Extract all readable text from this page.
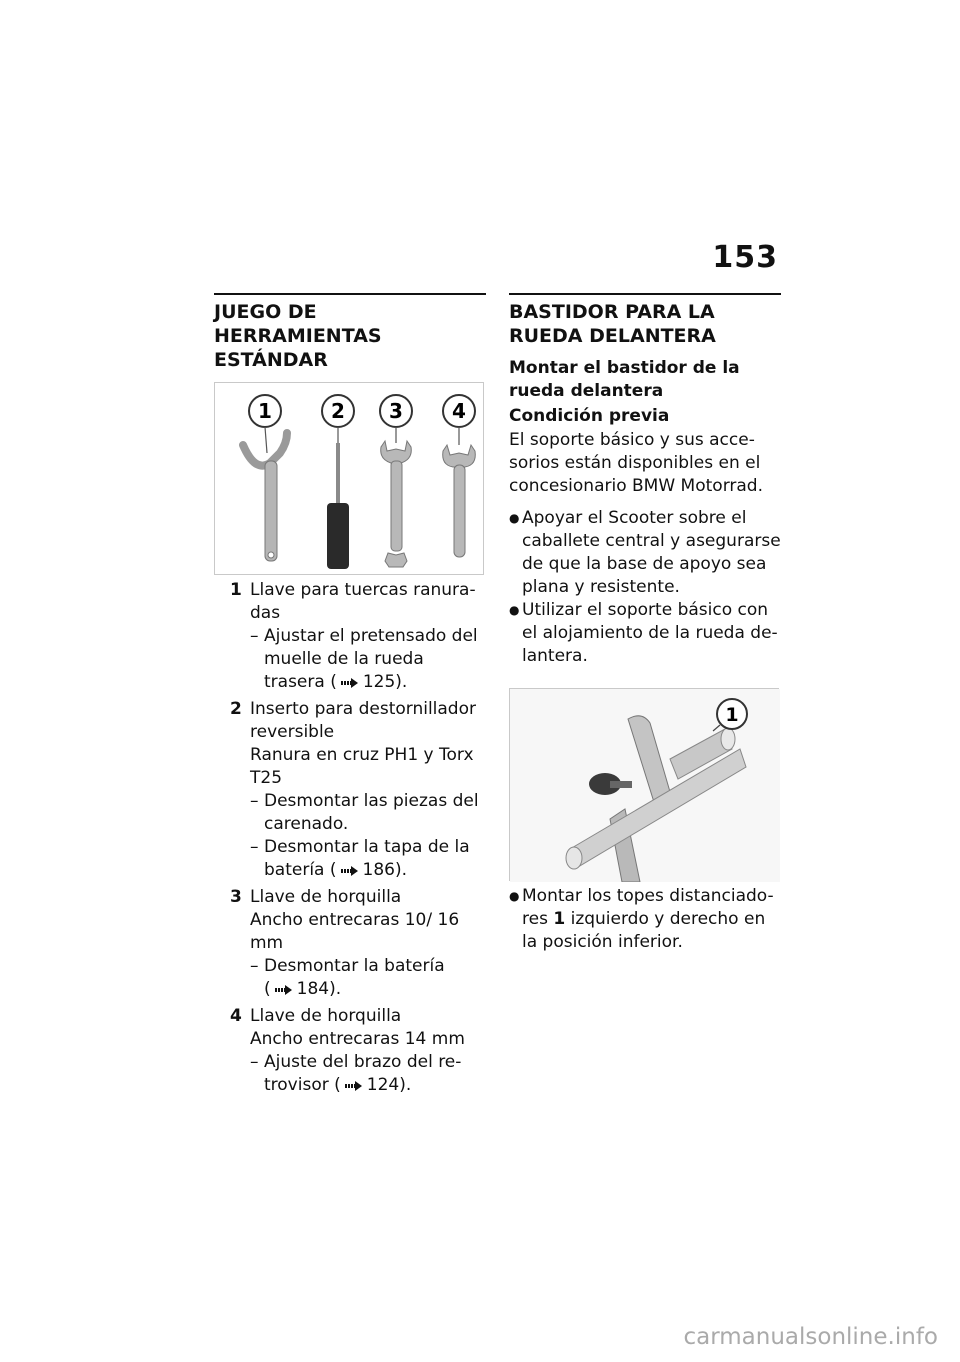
153
JUEGO DE HERRAMIENTAS ESTÁNDAR
1	2 3 4
1 Llave para tuercas ranura-das
– Ajustar el pretensado del muelle de la rueda trasera ( 125).
2 Inserto para destornillador reversible
Ranura en cruz PH1 y Torx T25
– Desmontar las piezas del carenado.
– Desmontar la tapa de la batería ( 186).
3 Llave de horquilla
Ancho entrecaras 10/ 16 mm
– Desmontar la batería ( 184).
4 Llave de horquilla
Ancho entrecaras 14 mm
– Ajuste del brazo del re-trovisor ( 124).
BASTIDOR PARA LA RUEDA DELANTERA
Montar el bastidor de la rueda delantera
Condición previa
El soporte básico y sus acce-sorios están disponibles en el concesionario BMW Motorrad.
● Apoyar el Scooter sobre el caballete central y asegurarse de que la base de apoyo sea plana y resistente.
● Utilizar el soporte básico con el alojamiento de la rueda de-lantera.
1
● Montar los topes distanciado-res 1 izquierdo y derecho en la posición inferior.
carmanualsonline.info
